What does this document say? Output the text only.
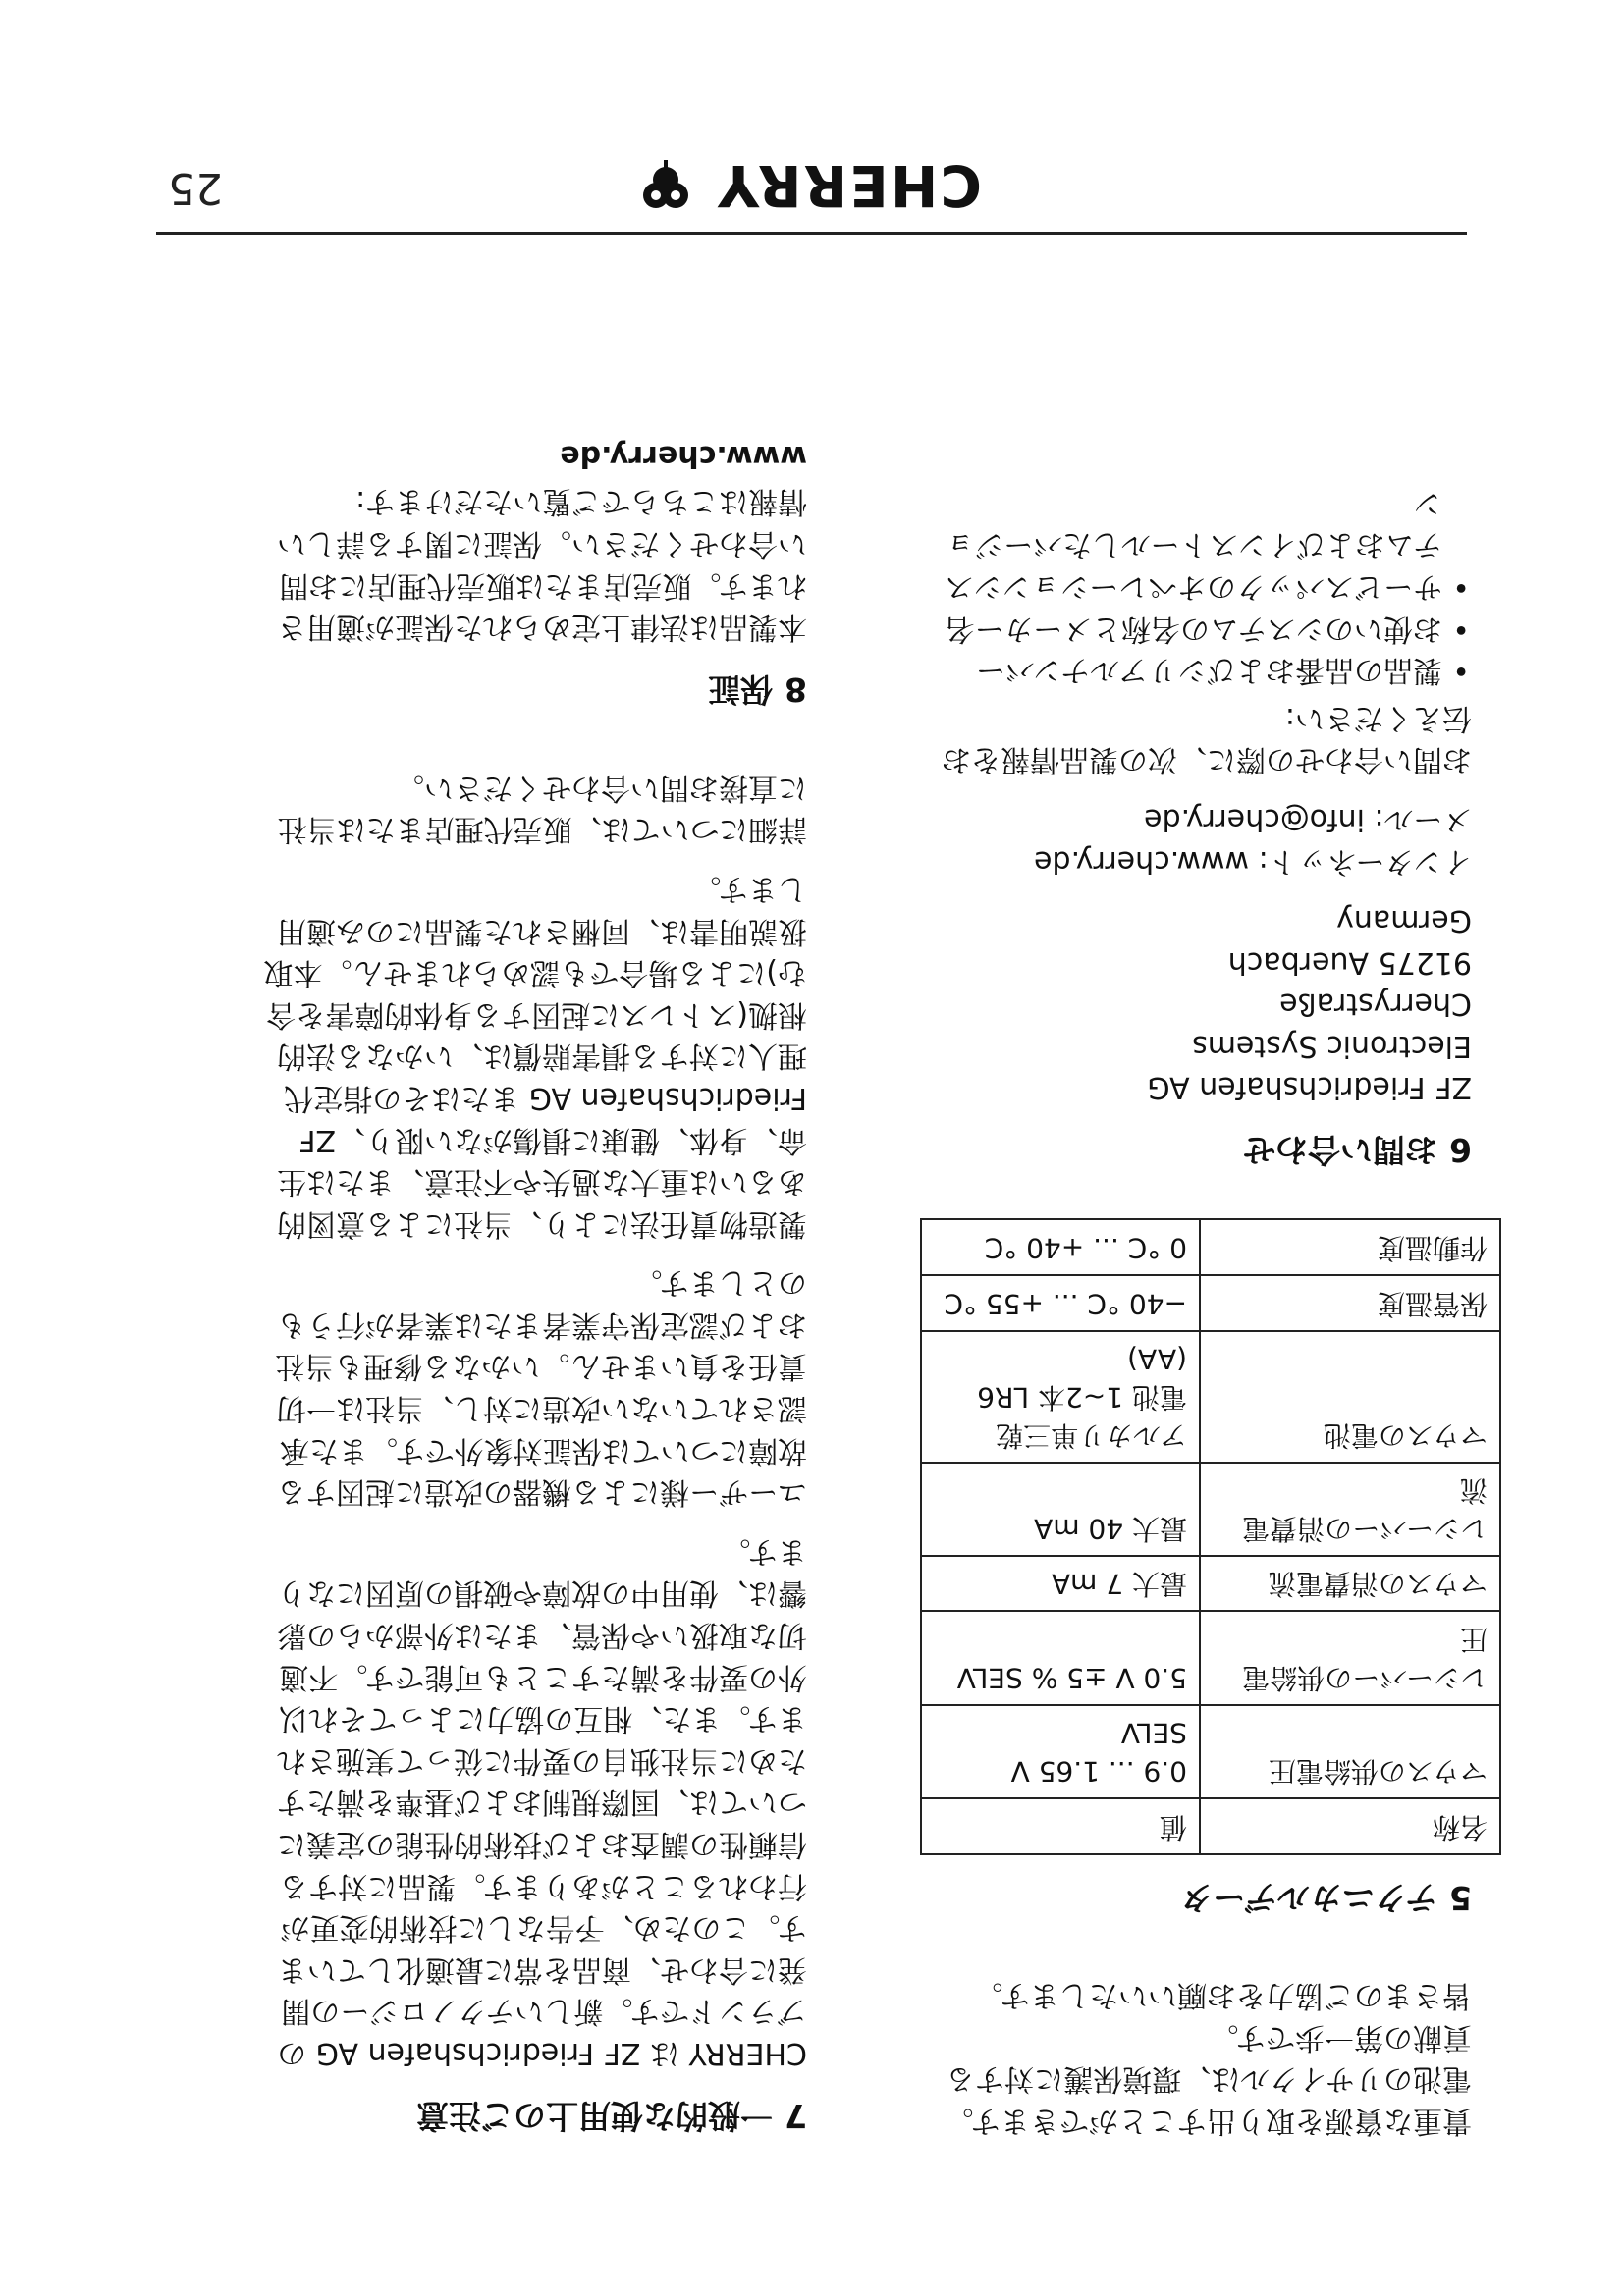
CHERRY
25

貴重な資源を取り出すことができます。

電池のリサイクルは、環境保護に対する

貢献の第一歩です。

皆さまのご協力をお願いいたします。

5テクニカルデータ
名称	値
マウスの供給電圧	0.9 ... 1.65 V
SELV
レシーバーの供給電
圧	5.0 V ±5 % SELV
マウスの消費電流	最大 7 mA
レシーバーの消費電
流	最大 40 mA
マウスの電池	アルカリ単三乾
電池 1~2本 LR6
(AA)
保管温度	−40 °C ... +55 °C
作動温度	0 °C ... +40 °C
6お問い合わせ

ZF Friedrichshafen AG

Electronic Systems

Cherrystraße

91275 Auerbach

Germany

インターネット: www.cherry.de

メール: info@cherry.de

お問い合わせの際に、次の製品情報をお伝えください:

• 製品の品番およびシリアルナンバー
• お使いのシステムの名称とメーカー名
• サービスパックのオペレーションシステムおよびインストールしたバージョン
7一般的な使用上のご注意

CHERRY は ZF Friedrichshafen AG のブランドです。新しいテクノロジーの開発に合わせ、商品を常に最適化しています。このため、予告なしに技術的変更が行われることがあります。製品に対する信頼性の調査および技術的性能の定義については、国際規制および基準を満たすために当社独自の要件に従って実施されます。また、相互の協力によってそれ以外の要件を満たすことも可能です。不適切な取扱いや保管、または外部からの影響は、使用中の故障や破損の原因になります。

ユーザー様による機器の改造に起因する故障については保証対象外です。また承認されていない改造に対し、当社は一切責任を負いません。いかなる修理も当社および認定保守業者または業者が行うものとします。

製造物責任法により、当社による意図的あるいは重大な過失や不注意、または生命、身体、健康に損傷がない限り、ZF Friedrichshafen AG またはその指定代理人に対する損害賠償は、いかなる法的根拠(ストレスに起因する身体的障害を含む)による場合でも認められません。本取扱説明書は、同梱された製品にのみ適用します。

詳細については、販売代理店または当社に直接お問い合わせください。

8保証

本製品は法律上定められた保証が適用されます。販売店または販売代理店にお問い合わせください。保証に関する詳しい情報はこちらでご覧いただけます:

www.cherry.de
